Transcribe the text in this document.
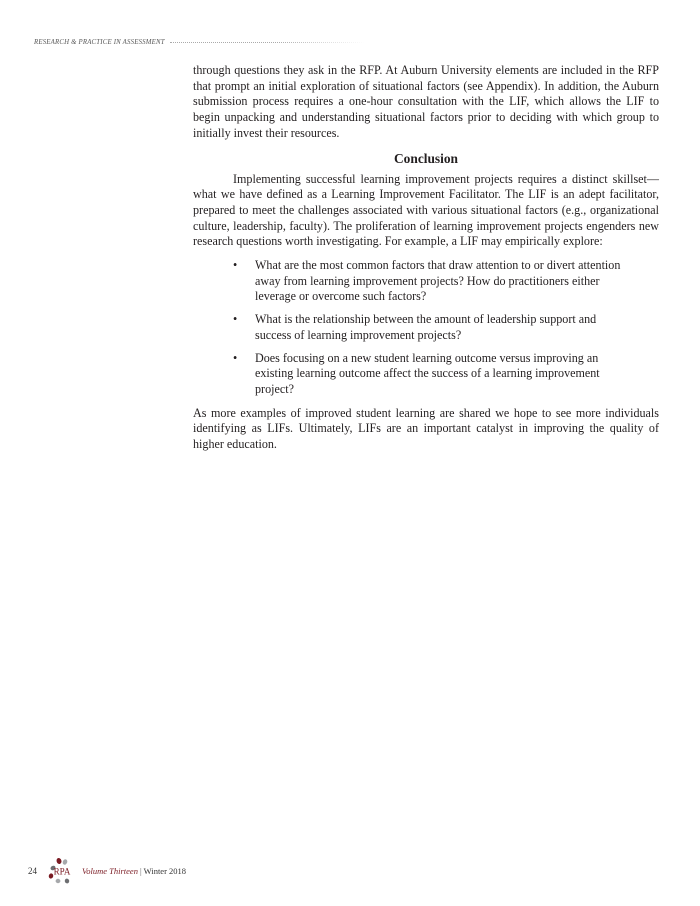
RESEARCH & PRACTICE IN ASSESSMENT

through questions they ask in the RFP. At Auburn University elements are included in the RFP that prompt an initial exploration of situational factors (see Appendix). In addition, the Auburn submission process requires a one-hour consultation with the LIF, which allows the LIF to begin unpacking and understanding situational factors prior to deciding with which group to initially invest their resources.

Conclusion

Implementing successful learning improvement projects requires a distinct skillset—what we have defined as a Learning Improvement Facilitator. The LIF is an adept facilitator, prepared to meet the challenges associated with various situational factors (e.g., organizational culture, leadership, faculty). The proliferation of learning improvement projects engenders new research questions worth investigating. For example, a LIF may empirically explore:

• What are the most common factors that draw attention to or divert attention away from learning improvement projects? How do practitioners either leverage or overcome such factors?
• What is the relationship between the amount of leadership support and success of learning improvement projects?
• Does focusing on a new student learning outcome versus improving an existing learning outcome affect the success of a learning improvement project?

As more examples of improved student learning are shared we hope to see more individuals identifying as LIFs. Ultimately, LIFs are an important catalyst in improving the quality of higher education.

24 RPA Volume Thirteen | Winter 2018
